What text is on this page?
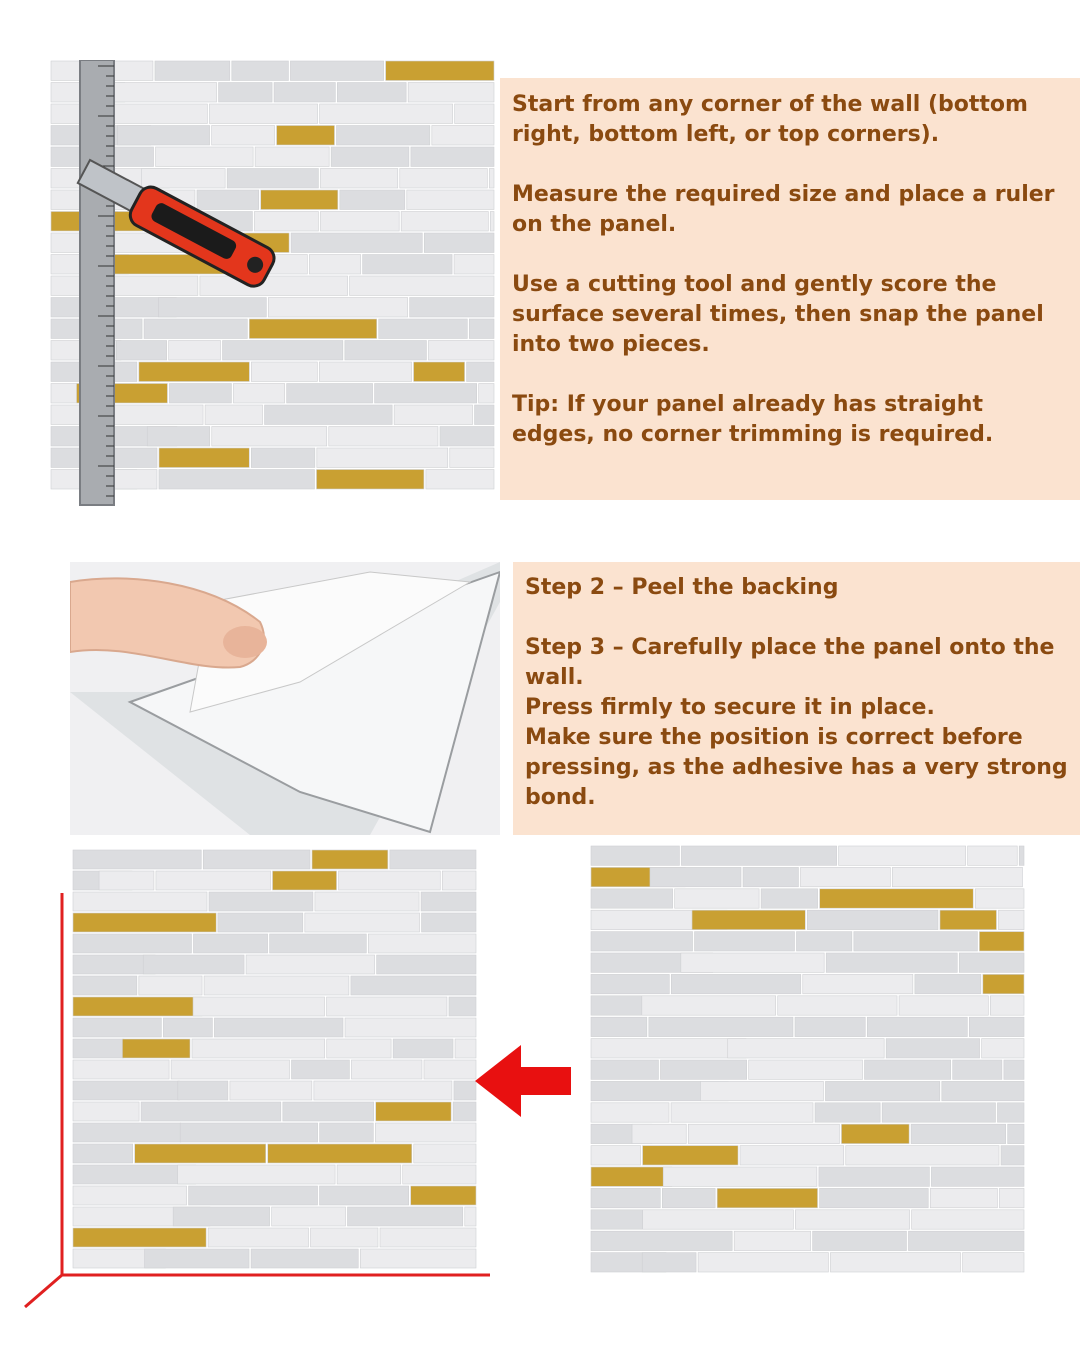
Start from any corner of the wall (bottom right, bottom left, or top corners).

Measure the required size and place a ruler on the panel.

Use a cutting tool and gently score the surface several times, then snap the panel into two pieces.

Tip: If your panel already has straight edges, no corner trimming is required.

Step 2 – Peel the backing

Step 3 – Carefully place the panel onto the wall.

Press firmly to secure it in place.

Make sure the position is correct before pressing, as the adhesive has a very strong bond.
